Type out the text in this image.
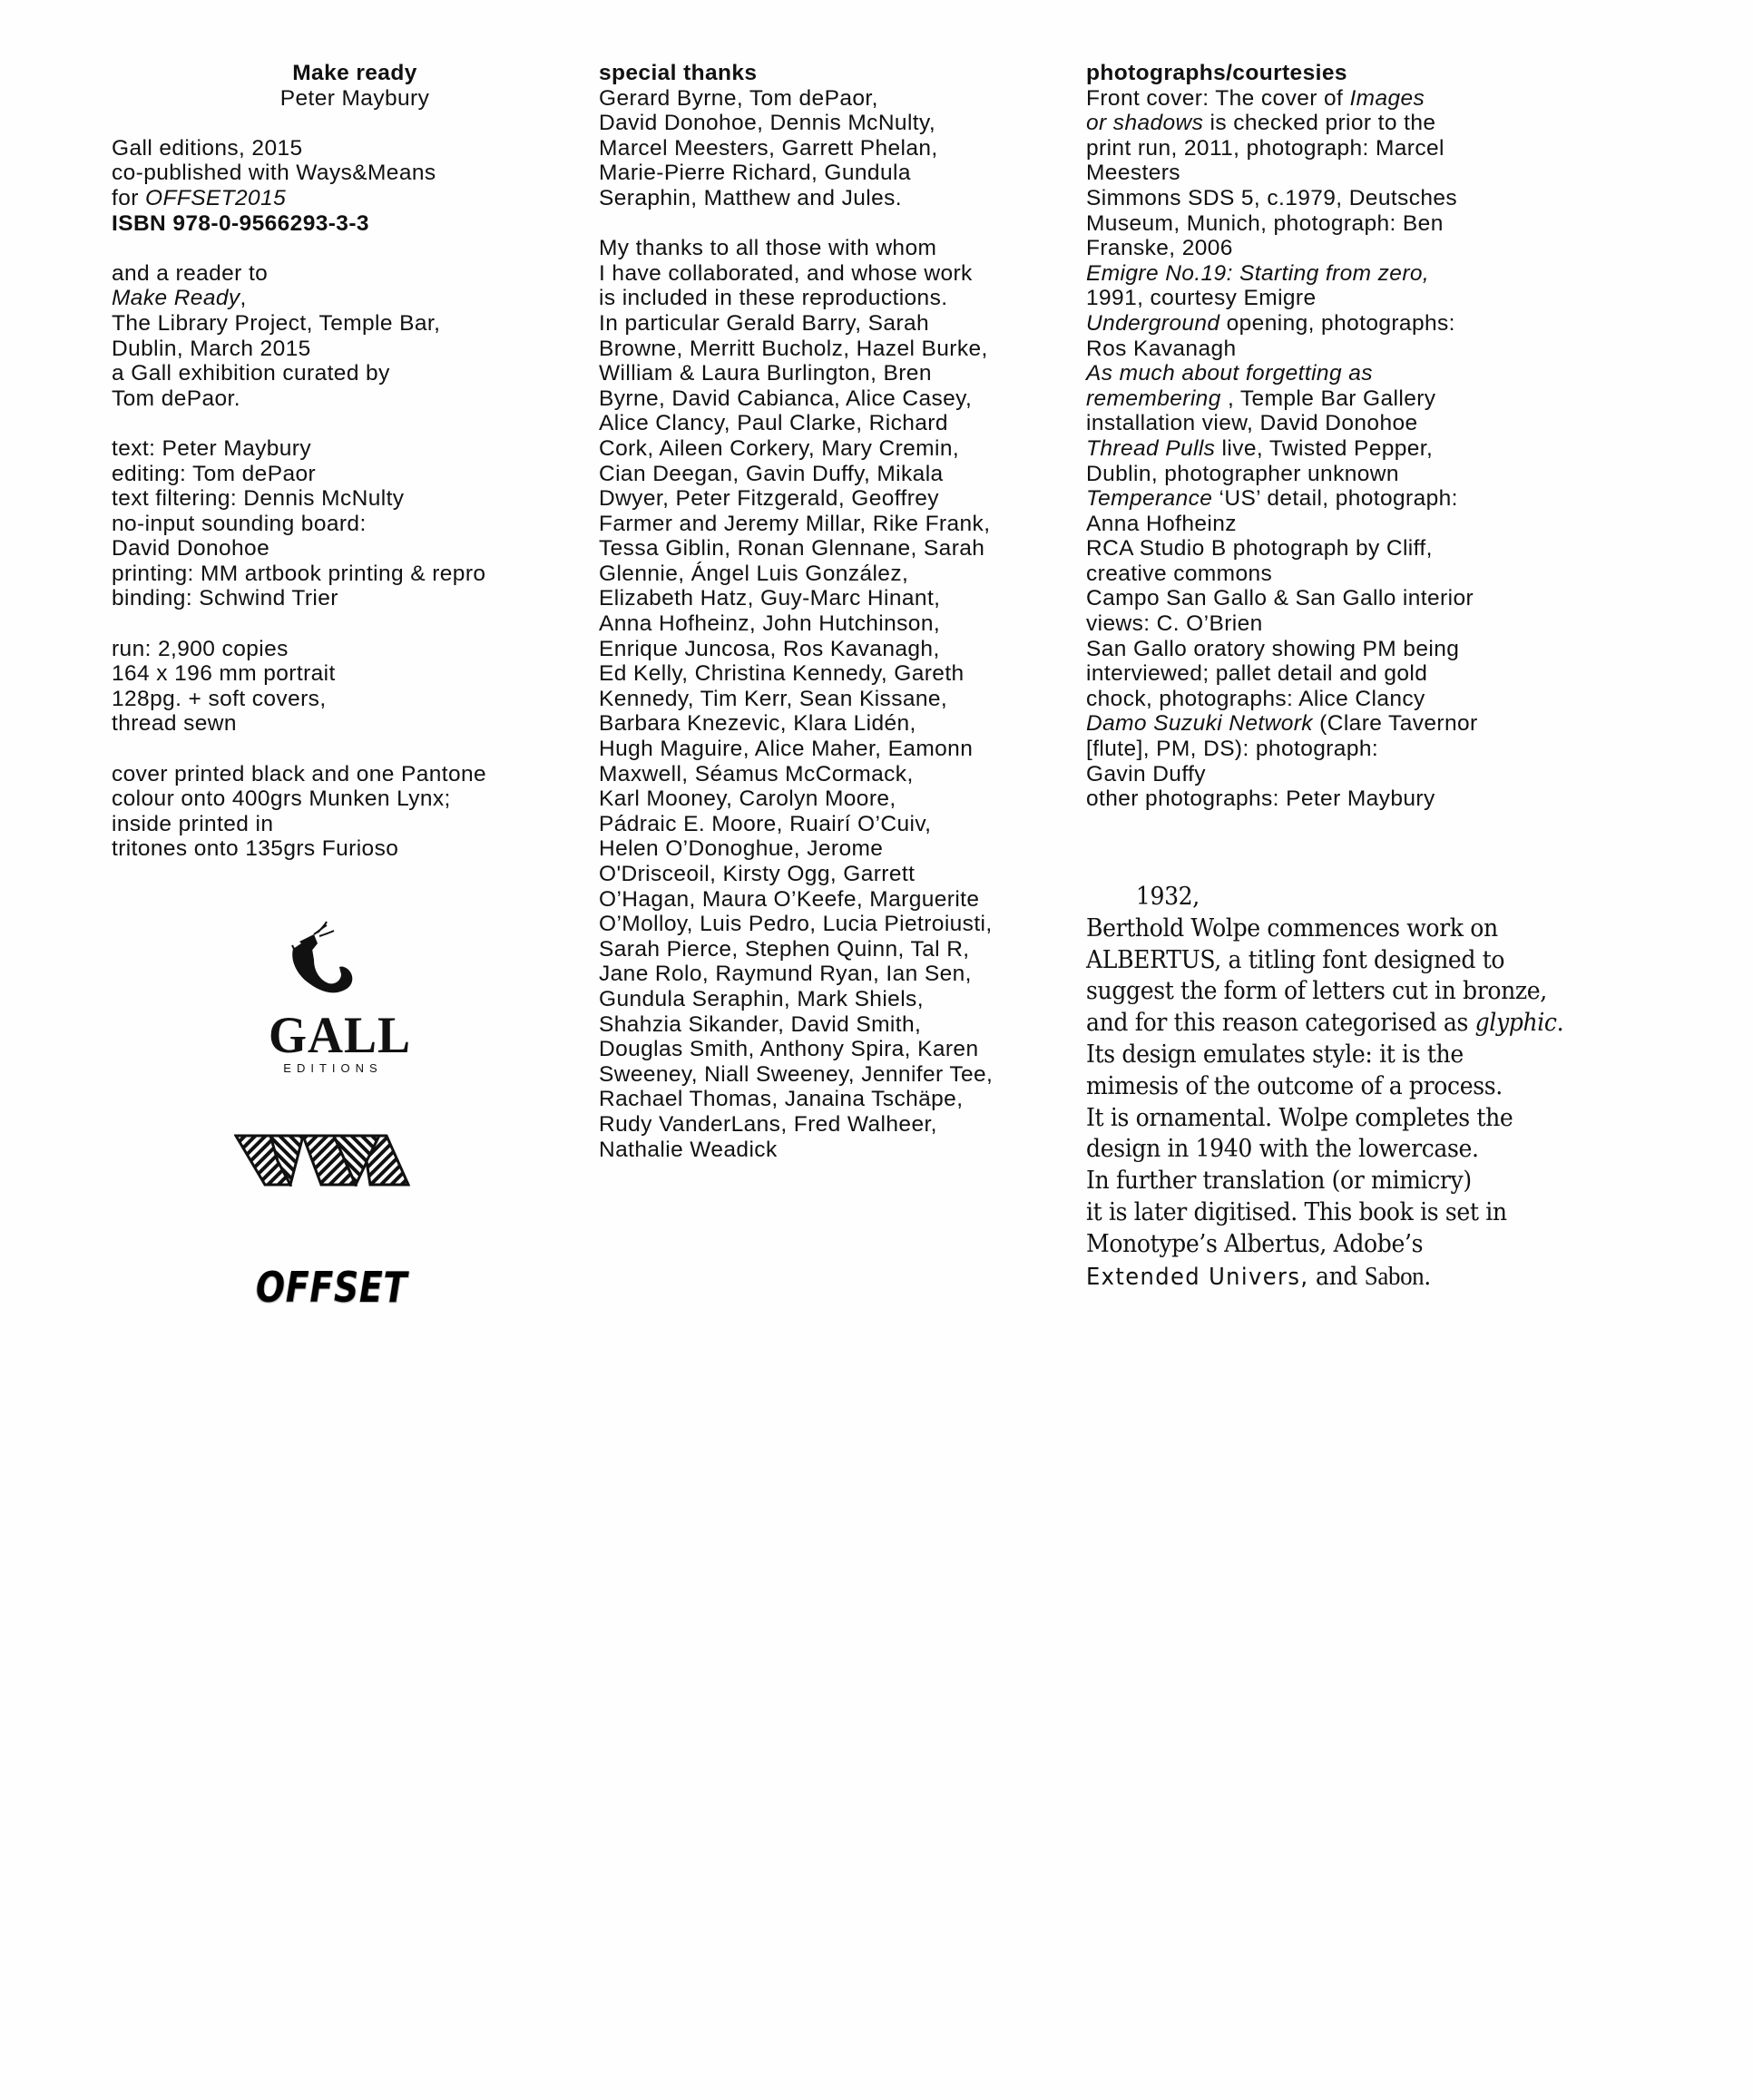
Make ready
Peter Maybury

Gall editions, 2015
co-published with Ways&Means
for OFFSET2015
ISBN 978-0-9566293-3-3

and a reader to
Make Ready,
The Library Project, Temple Bar,
Dublin, March 2015
a Gall exhibition curated by
Tom dePaor.

text: Peter Maybury
editing: Tom dePaor
text filtering: Dennis McNulty
no-input sounding board:
David Donohoe
printing: MM artbook printing & repro
binding: Schwind Trier

run: 2,900 copies
164 x 196 mm portrait
128pg. + soft covers,
thread sewn

cover printed black and one Pantone
colour onto 400grs Munken Lynx;
inside printed in
tritones onto 135grs Furioso

GALL
EDITIONS
OFFSET

special thanks
Gerard Byrne, Tom dePaor,
David Donohoe, Dennis McNulty,
Marcel Meesters, Garrett Phelan,
Marie-Pierre Richard, Gundula
Seraphin, Matthew and Jules.

My thanks to all those with whom
I have collaborated, and whose work
is included in these reproductions.
In particular Gerald Barry, Sarah
Browne, Merritt Bucholz, Hazel Burke,
William & Laura Burlington, Bren
Byrne, David Cabianca, Alice Casey,
Alice Clancy, Paul Clarke, Richard
Cork, Aileen Corkery, Mary Cremin,
Cian Deegan, Gavin Duffy, Mikala
Dwyer, Peter Fitzgerald, Geoffrey
Farmer and Jeremy Millar, Rike Frank,
Tessa Giblin, Ronan Glennane, Sarah
Glennie, Ángel Luis González,
Elizabeth Hatz, Guy-Marc Hinant,
Anna Hofheinz, John Hutchinson,
Enrique Juncosa, Ros Kavanagh,
Ed Kelly, Christina Kennedy, Gareth
Kennedy, Tim Kerr, Sean Kissane,
Barbara Knezevic, Klara Lidén,
Hugh Maguire, Alice Maher, Eamonn
Maxwell, Séamus McCormack,
Karl Mooney, Carolyn Moore,
Pádraic E. Moore, Ruairí O’Cuiv,
Helen O’Donoghue, Jerome
O'Drisceoil, Kirsty Ogg, Garrett
O’Hagan, Maura O’Keefe, Marguerite
O’Molloy, Luis Pedro, Lucia Pietroiusti,
Sarah Pierce, Stephen Quinn, Tal R,
Jane Rolo, Raymund Ryan, Ian Sen,
Gundula Seraphin, Mark Shiels,
Shahzia Sikander, David Smith,
Douglas Smith, Anthony Spira, Karen
Sweeney, Niall Sweeney, Jennifer Tee,
Rachael Thomas, Janaina Tschäpe,
Rudy VanderLans, Fred Walheer,
Nathalie Weadick

photographs/courtesies
Front cover: The cover of Images
or shadows is checked prior to the
print run, 2011, photograph: Marcel
Meesters
Simmons SDS 5, c.1979, Deutsches
Museum, Munich, photograph: Ben
Franske, 2006
Emigre No.19: Starting from zero,
1991, courtesy Emigre
Underground opening, photographs:
Ros Kavanagh
As much about forgetting as
remembering , Temple Bar Gallery
installation view, David Donohoe
Thread Pulls live, Twisted Pepper,
Dublin, photographer unknown
Temperance ‘US’ detail, photograph:
Anna Hofheinz
RCA Studio B photograph by Cliff,
creative commons
Campo San Gallo & San Gallo interior
views: C. O’Brien
San Gallo oratory showing PM being
interviewed; pallet detail and gold
chock, photographs: Alice Clancy
Damo Suzuki Network (Clare Tavernor
[flute], PM, DS): photograph:
Gavin Duffy
other photographs: Peter Maybury

1932,
Berthold Wolpe commences work on
ALBERTUS, a titling font designed to
suggest the form of letters cut in bronze,
and for this reason categorised as glyphic.
Its design emulates style: it is the
mimesis of the outcome of a process.
It is ornamental. Wolpe completes the
design in 1940 with the lowercase.
In further translation (or mimicry)
it is later digitised. This book is set in
Monotype’s Albertus, Adobe’s
Extended Univers, and Sabon.
